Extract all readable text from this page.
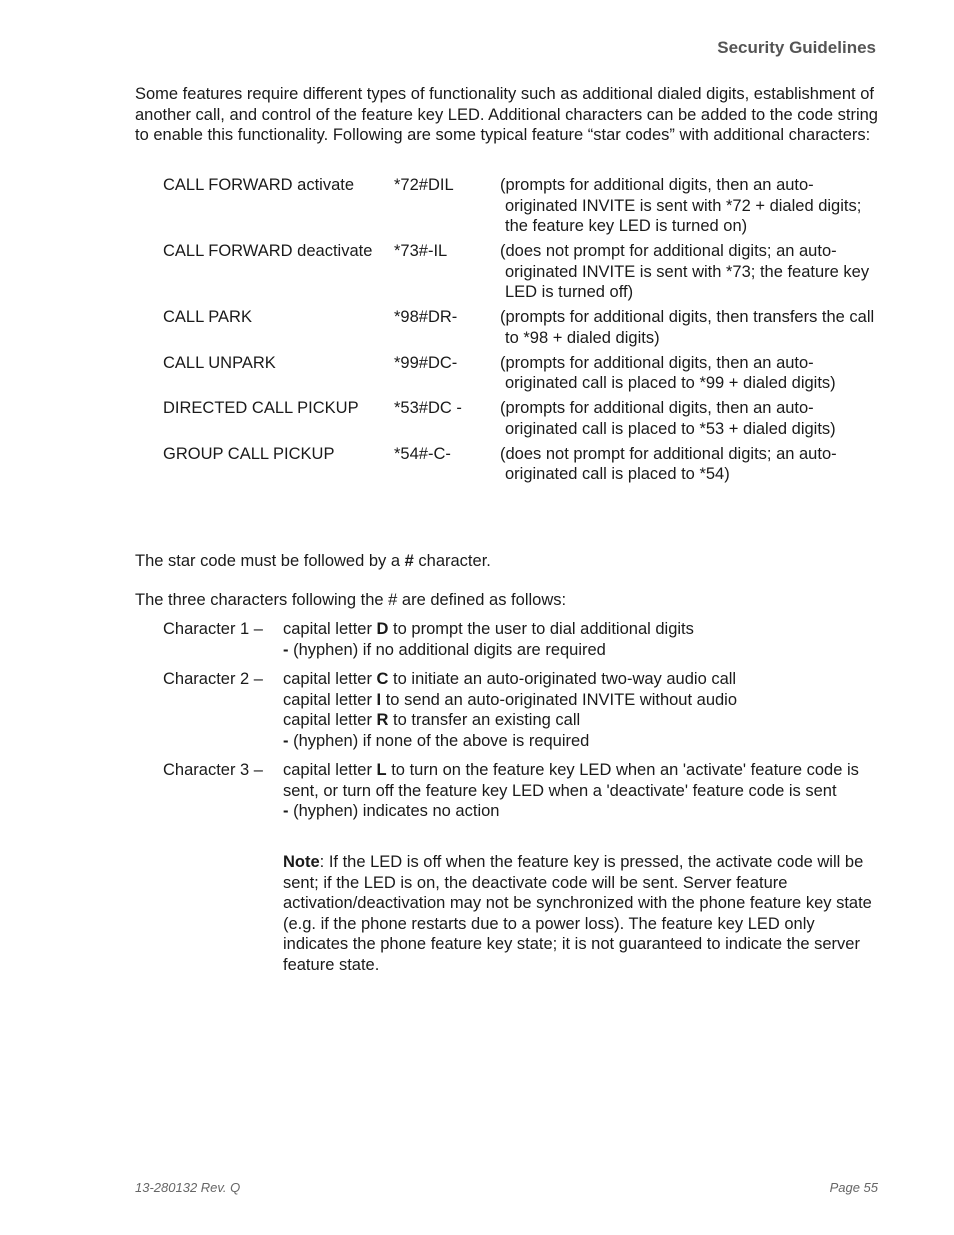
Security Guidelines
Some features require different types of functionality such as additional dialed digits, establishment of another call, and control of the feature key LED. Additional characters can be added to the code string to enable this functionality. Following are some typical feature “star codes” with additional characters:
CALL FORWARD activate	*72#DIL	(prompts for additional digits, then an auto-originated INVITE is sent with *72 + dialed digits; the feature key LED is turned on)
CALL FORWARD deactivate	*73#-IL	(does not prompt for additional digits; an auto-originated INVITE is sent with *73; the feature key LED is turned off)
CALL PARK	*98#DR-	(prompts for additional digits, then transfers the call to *98 + dialed digits)
CALL UNPARK	*99#DC-	(prompts for additional digits, then an auto-originated call is placed to *99 + dialed digits)
DIRECTED CALL PICKUP	*53#DC -	(prompts for additional digits, then an auto-originated call is placed to *53 + dialed digits)
GROUP CALL PICKUP	*54#-C-	(does not prompt for additional digits; an auto-originated call is placed to *54)
The star code must be followed by a # character.
The three characters following the # are defined as follows:
Character 1 –	capital letter D to prompt the user to dial additional digits
- (hyphen) if no additional digits are required
Character 2 –	capital letter C to initiate an auto-originated two-way audio call
capital letter I to send an auto-originated INVITE without audio
capital letter R to transfer an existing call
- (hyphen) if none of the above is required
Character 3 –	capital letter L to turn on the feature key LED when an 'activate' feature code is sent, or turn off the feature key LED when a 'deactivate' feature code is sent
- (hyphen) indicates no action
Note: If the LED is off when the feature key is pressed, the activate code will be sent; if the LED is on, the deactivate code will be sent. Server feature activation/deactivation may not be synchronized with the phone feature key state (e.g. if the phone restarts due to a power loss). The feature key LED only indicates the phone feature key state; it is not guaranteed to indicate the server feature state.
13-280132 Rev. Q	Page 55
